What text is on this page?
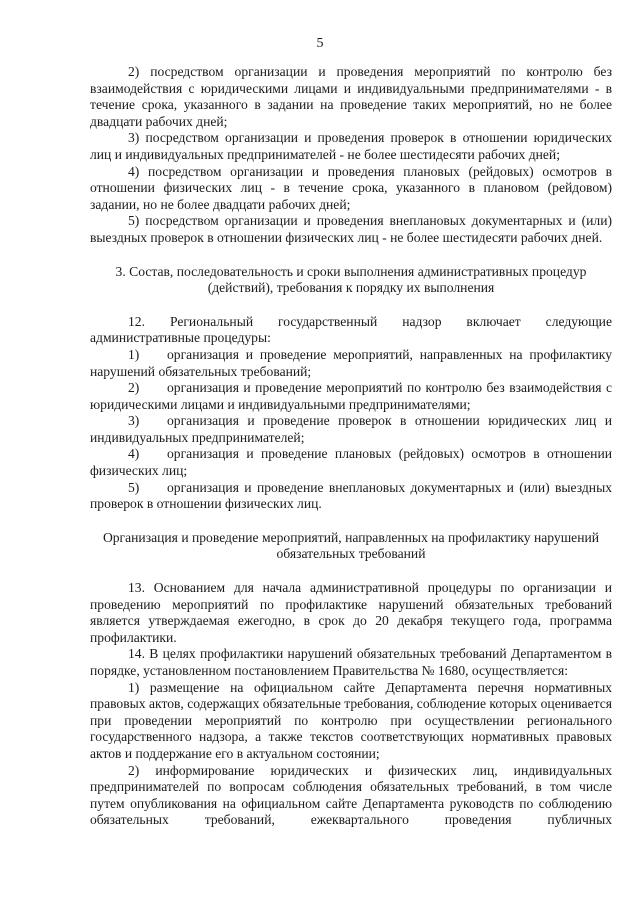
5

2) посредством организации и проведения мероприятий по контролю без взаимодействия с юридическими лицами и индивидуальными предпринимателями - в течение срока, указанного в задании на проведение таких мероприятий, но не более двадцати рабочих дней;

3) посредством организации и проведения проверок в отношении юридических лиц и индивидуальных предпринимателей - не более шестидесяти рабочих дней;

4) посредством организации и проведения плановых (рейдовых) осмотров в отношении физических лиц - в течение срока, указанного в плановом (рейдовом) задании, но не более двадцати рабочих дней;

5) посредством организации и проведения внеплановых документарных и (или) выездных проверок в отношении физических лиц - не более шестидесяти рабочих дней.

3. Состав, последовательность и сроки выполнения административных процедур

(действий), требования к порядку их выполнения

12. Региональный государственный надзор включает следующие административные процедуры:

1) организация и проведение мероприятий, направленных на профилактику нарушений обязательных требований;

2) организация и проведение мероприятий по контролю без взаимодействия с юридическими лицами и индивидуальными предпринимателями;

3) организация и проведение проверок в отношении юридических лиц и индивидуальных предпринимателей;

4) организация и проведение плановых (рейдовых) осмотров в отношении физических лиц;

5) организация и проведение внеплановых документарных и (или) выездных проверок в отношении физических лиц.

Организация и проведение мероприятий, направленных на профилактику нарушений

обязательных требований

13. Основанием для начала административной процедуры по организации и проведению мероприятий по профилактике нарушений обязательных требований является утверждаемая ежегодно, в срок до 20 декабря текущего года, программа профилактики.

14. В целях профилактики нарушений обязательных требований Департаментом в порядке, установленном постановлением Правительства № 1680, осуществляется:

1) размещение на официальном сайте Департамента перечня нормативных правовых актов, содержащих обязательные требования, соблюдение которых оценивается при проведении мероприятий по контролю при осуществлении регионального государственного надзора, а также текстов соответствующих нормативных правовых актов и поддержание его в актуальном состоянии;

2) информирование юридических и физических лиц, индивидуальных предпринимателей по вопросам соблюдения обязательных требований, в том числе путем опубликования на официальном сайте Департамента руководств по соблюдению обязательных требований, ежеквартального проведения публичных
